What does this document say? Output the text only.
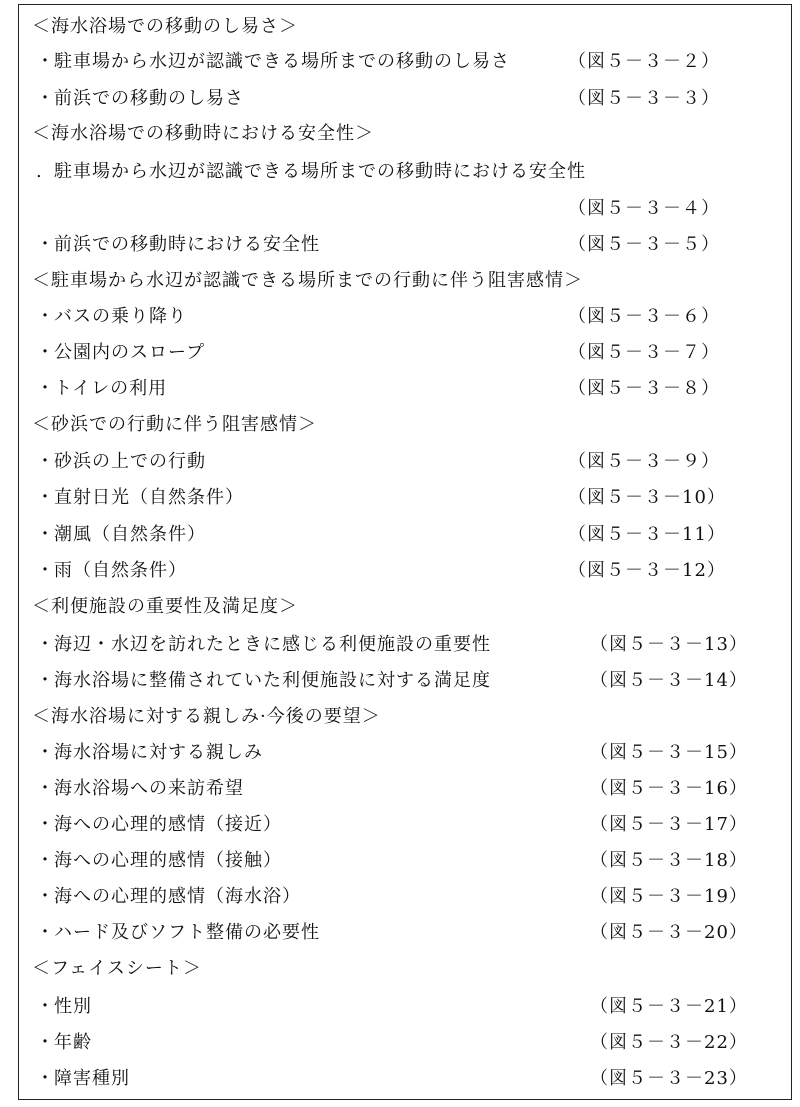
＜海水浴場での移動のし易さ＞
・駐車場から水辺が認識できる場所までの移動のし易さ	（図５－３－２）
・前浜での移動のし易さ	（図５－３－３）
＜海水浴場での移動時における安全性＞
. 駐車場から水辺が認識できる場所までの移動時における安全性
（図５－３－４）
・前浜での移動時における安全性	（図５－３－５）
＜駐車場から水辺が認識できる場所までの行動に伴う阻害感情＞
・バスの乗り降り	（図５－３－６）
・公園内のスロープ	（図５－３－７）
・トイレの利用	（図５－３－８）
＜砂浜での行動に伴う阻害感情＞
・砂浜の上での行動	（図５－３－９）
・直射日光（自然条件）	（図５－３－10）
・潮風（自然条件）	（図５－３－11）
・雨（自然条件）	（図５－３－12）
＜利便施設の重要性及満足度＞
・海辺・水辺を訪れたときに感じる利便施設の重要性	（図５－３－13）
・海水浴場に整備されていた利便施設に対する満足度	（図５－３－14）
＜海水浴場に対する親しみ·今後の要望＞
・海水浴場に対する親しみ	（図５－３－15）
・海水浴場への来訪希望	（図５－３－16）
・海への心理的感情（接近）	（図５－３－17）
・海への心理的感情（接触）	（図５－３－18）
・海への心理的感情（海水浴）	（図５－３－19）
・ハード及びソフト整備の必要性	（図５－３－20）
＜フェイスシート＞
・性別	（図５－３－21）
・年齢	（図５－３－22）
・障害種別	（図５－３－23）
